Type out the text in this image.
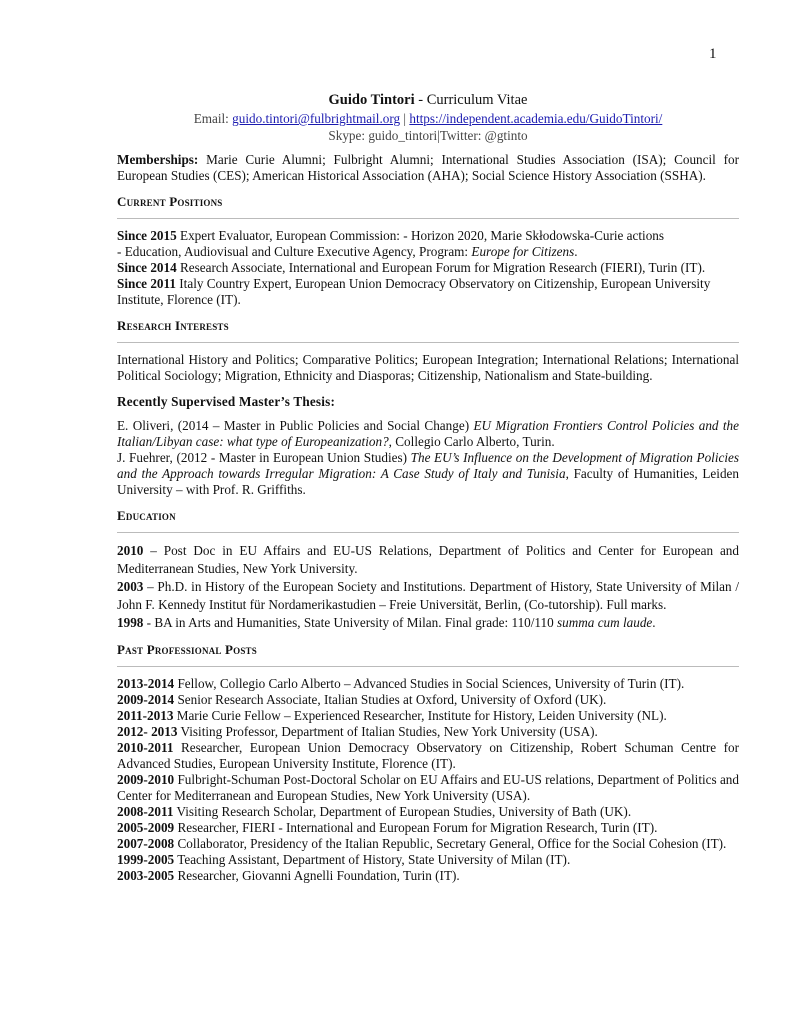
1
Guido Tintori - Curriculum Vitae
Email: guido.tintori@fulbrightmail.org | https://independent.academia.edu/GuidoTintori/
Skype: guido_tintori|Twitter: @gtinto

Memberships: Marie Curie Alumni; Fulbright Alumni; International Studies Association (ISA); Council for European Studies (CES); American Historical Association (AHA); Social Science History Association (SSHA).

Current Positions

Since 2015 Expert Evaluator, European Commission: - Horizon 2020, Marie Skłodowska-Curie actions

- Education, Audiovisual and Culture Executive Agency, Program: Europe for Citizens.

Since 2014 Research Associate, International and European Forum for Migration Research (FIERI), Turin (IT).

Since 2011 Italy Country Expert, European Union Democracy Observatory on Citizenship, European University Institute, Florence (IT).

Research Interests

International History and Politics; Comparative Politics; European Integration; International Relations; International Political Sociology; Migration, Ethnicity and Diasporas; Citizenship, Nationalism and State-building.

Recently Supervised Master’s Thesis:

E. Oliveri, (2014 – Master in Public Policies and Social Change) EU Migration Frontiers Control Policies and the Italian/Libyan case: what type of Europeanization?, Collegio Carlo Alberto, Turin.

J. Fuehrer, (2012 - Master in European Union Studies) The EU’s Influence on the Development of Migration Policies and the Approach towards Irregular Migration: A Case Study of Italy and Tunisia, Faculty of Humanities, Leiden University – with Prof. R. Griffiths.

Education

2010 – Post Doc in EU Affairs and EU-US Relations, Department of Politics and Center for European and Mediterranean Studies, New York University.

2003 – Ph.D. in History of the European Society and Institutions. Department of History, State University of Milan / John F. Kennedy Institut für Nordamerikastudien – Freie Universität, Berlin, (Co-tutorship). Full marks.

1998 - BA in Arts and Humanities, State University of Milan. Final grade: 110/110 summa cum laude.

Past Professional Posts

2013-2014 Fellow, Collegio Carlo Alberto – Advanced Studies in Social Sciences, University of Turin (IT).

2009-2014 Senior Research Associate, Italian Studies at Oxford, University of Oxford (UK).

2011-2013 Marie Curie Fellow – Experienced Researcher, Institute for History, Leiden University (NL).

2012- 2013 Visiting Professor, Department of Italian Studies, New York University (USA).

2010-2011 Researcher, European Union Democracy Observatory on Citizenship, Robert Schuman Centre for Advanced Studies, European University Institute, Florence (IT).

2009-2010 Fulbright-Schuman Post-Doctoral Scholar on EU Affairs and EU-US relations, Department of Politics and Center for Mediterranean and European Studies, New York University (USA).

2008-2011 Visiting Research Scholar, Department of European Studies, University of Bath (UK).

2005-2009 Researcher, FIERI - International and European Forum for Migration Research, Turin (IT).

2007-2008 Collaborator, Presidency of the Italian Republic, Secretary General, Office for the Social Cohesion (IT).

1999-2005 Teaching Assistant, Department of History, State University of Milan (IT).

2003-2005 Researcher, Giovanni Agnelli Foundation, Turin (IT).
